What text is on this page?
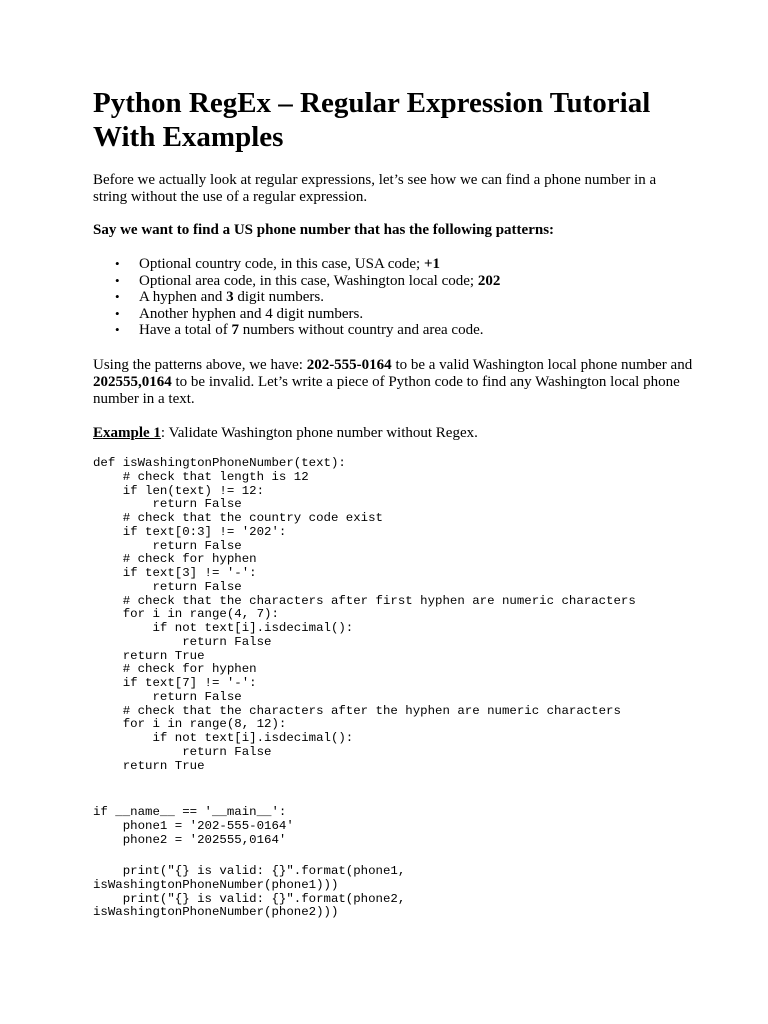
Python RegEx – Regular Expression Tutorial With Examples

Before we actually look at regular expressions, let’s see how we can find a phone number in a string without the use of a regular expression.

Say we want to find a US phone number that has the following patterns:

• Optional country code, in this case, USA code; +1
• Optional area code, in this case, Washington local code; 202
• A hyphen and 3 digit numbers.
• Another hyphen and 4 digit numbers.
• Have a total of 7 numbers without country and area code.

Using the patterns above, we have: 202-555-0164 to be a valid Washington local phone number and 202555,0164 to be invalid. Let’s write a piece of Python code to find any Washington local phone number in a text.

Example 1: Validate Washington phone number without Regex.

def isWashingtonPhoneNumber(text):
# check that length is 12
if len(text) != 12:
return False
# check that the country code exist
if text[0:3] != '202':
return False
# check for hyphen
if text[3] != '-':
return False
# check that the characters after first hyphen are numeric characters
for i in range(4, 7):
if not text[i].isdecimal():
return False
return True
# check for hyphen
if text[7] != '-':
return False
# check that the characters after the hyphen are numeric characters
for i in range(8, 12):
if not text[i].isdecimal():
return False
return True
if __name__ == '__main__':
phone1 = '202-555-0164'
phone2 = '202555,0164'
print("{} is valid: {}".format(phone1,
isWashingtonPhoneNumber(phone1)))
print("{} is valid: {}".format(phone2,
isWashingtonPhoneNumber(phone2)))
